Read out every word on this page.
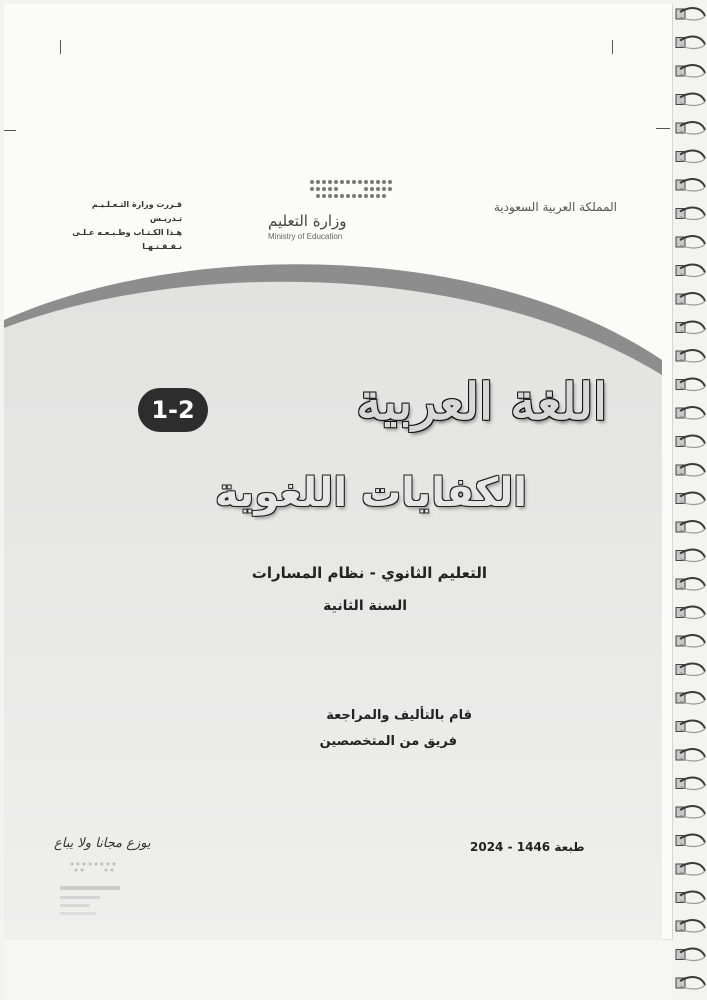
المملكة العربية السعودية
وزارة التعليم
Ministry of Education
قـررت وزارة التـعـلـيـم تـدريـس
هـذا الكـتـاب وطـبـعـه عـلـى نـفـقـتـهـا
اللغة العربية
1-2
الكفايات اللغوية
التعليم الثانوي - نظام المسارات
السنة الثانية
قام بالتأليف والمراجعة
فريق من المتخصصين
طبعة 1446 - 2024
يوزع مجانا ولا يباع
